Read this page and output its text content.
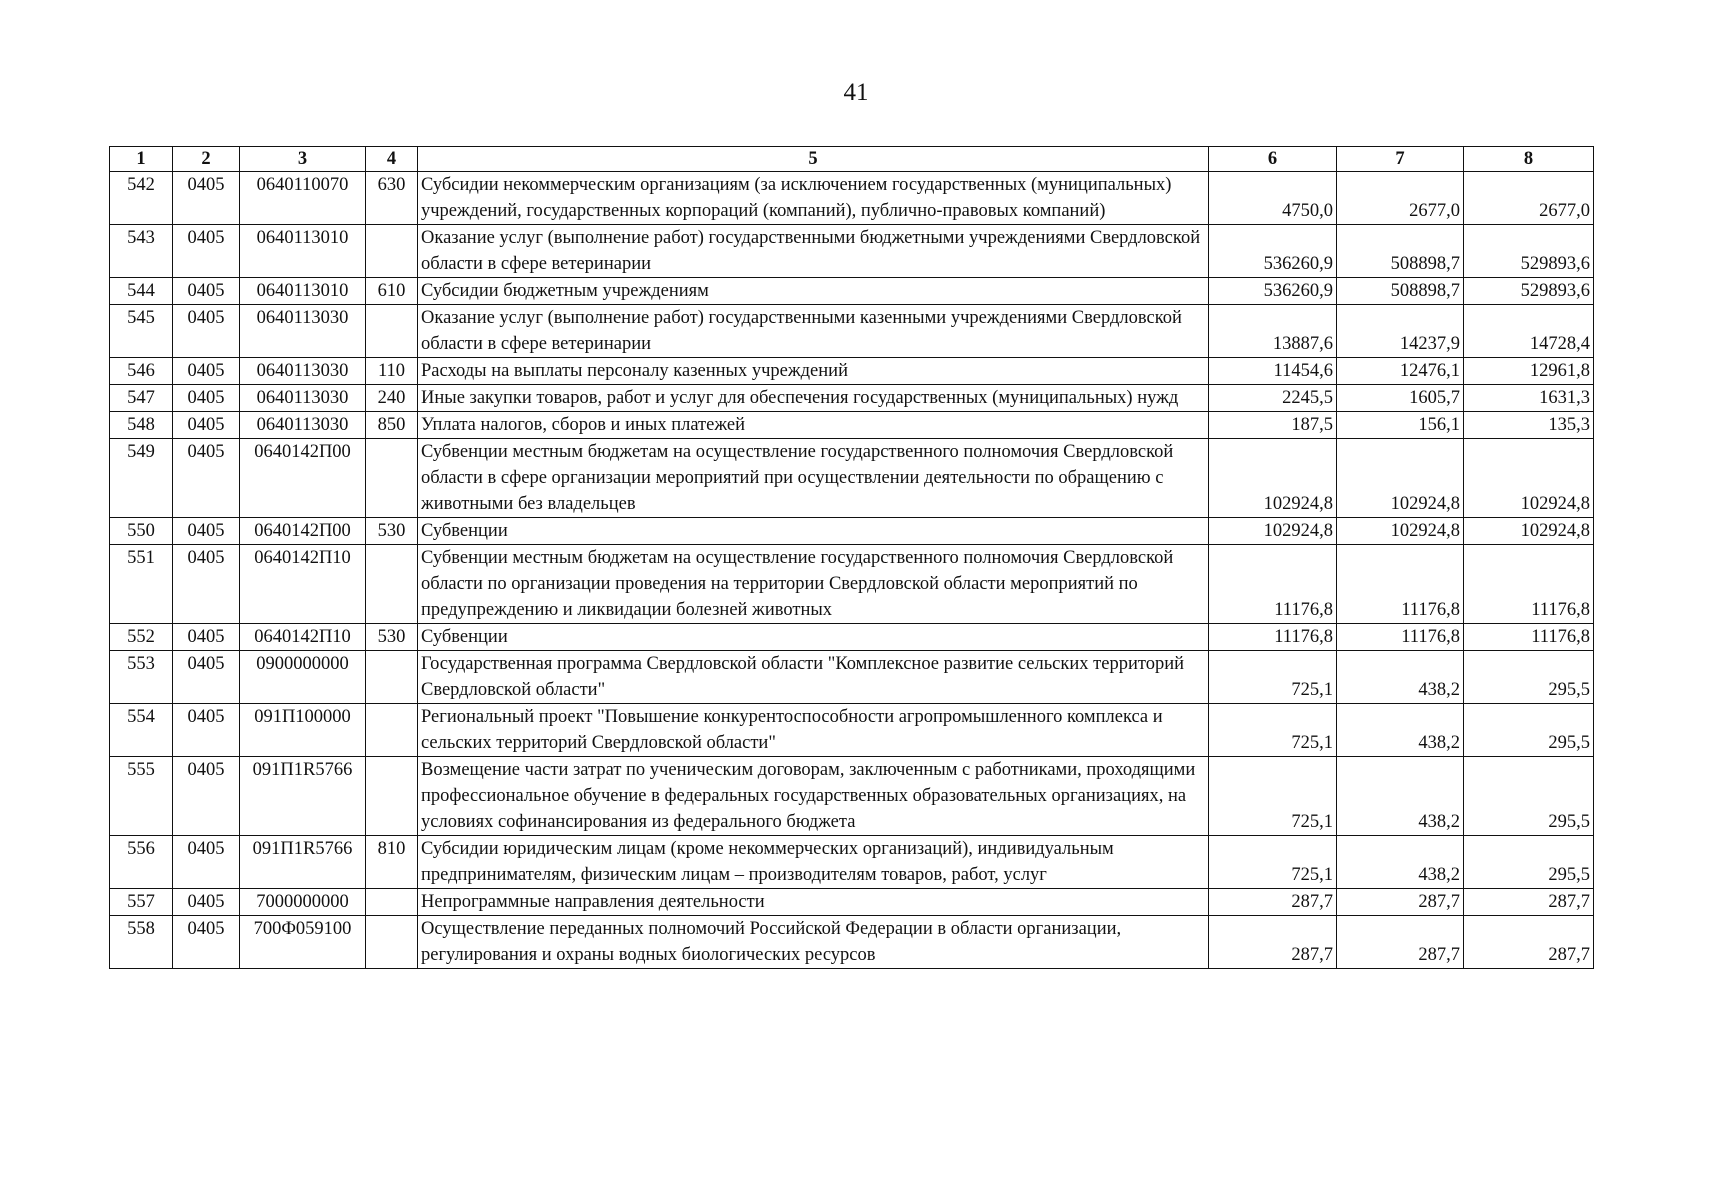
41
1	2	3	4	5	6	7	8
542	0405	0640110070	630	Субсидии некоммерческим организациям (за исключением государственных (муниципальных) учреждений, государственных корпораций (компаний), публично-правовых компаний)	4750,0	2677,0	2677,0
543	0405	0640113010		Оказание услуг (выполнение работ) государственными бюджетными учреждениями Свердловской области в сфере ветеринарии	536260,9	508898,7	529893,6
544	0405	0640113010	610	Субсидии бюджетным учреждениям	536260,9	508898,7	529893,6
545	0405	0640113030		Оказание услуг (выполнение работ) государственными казенными учреждениями Свердловской области в сфере ветеринарии	13887,6	14237,9	14728,4
546	0405	0640113030	110	Расходы на выплаты персоналу казенных учреждений	11454,6	12476,1	12961,8
547	0405	0640113030	240	Иные закупки товаров, работ и услуг для обеспечения государственных (муниципальных) нужд	2245,5	1605,7	1631,3
548	0405	0640113030	850	Уплата налогов, сборов и иных платежей	187,5	156,1	135,3
549	0405	0640142П00		Субвенции местным бюджетам на осуществление государственного полномочия Свердловской области в сфере организации мероприятий при осуществлении деятельности по обращению с животными без владельцев	102924,8	102924,8	102924,8
550	0405	0640142П00	530	Субвенции	102924,8	102924,8	102924,8
551	0405	0640142П10		Субвенции местным бюджетам на осуществление государственного полномочия Свердловской области по организации проведения на территории Свердловской области мероприятий по предупреждению и ликвидации болезней животных	11176,8	11176,8	11176,8
552	0405	0640142П10	530	Субвенции	11176,8	11176,8	11176,8
553	0405	0900000000		Государственная программа Свердловской области "Комплексное развитие сельских территорий Свердловской области"	725,1	438,2	295,5
554	0405	091П100000		Региональный проект "Повышение конкурентоспособности агропромышленного комплекса и сельских территорий Свердловской области"	725,1	438,2	295,5
555	0405	091П1R5766		Возмещение части затрат по ученическим договорам, заключенным с работниками, проходящими профессиональное обучение в федеральных государственных образовательных организациях, на условиях софинансирования из федерального бюджета	725,1	438,2	295,5
556	0405	091П1R5766	810	Субсидии юридическим лицам (кроме некоммерческих организаций), индивидуальным предпринимателям, физическим лицам – производителям товаров, работ, услуг	725,1	438,2	295,5
557	0405	7000000000		Непрограммные направления деятельности	287,7	287,7	287,7
558	0405	700Ф059100		Осуществление переданных полномочий Российской Федерации в области организации, регулирования и охраны водных биологических ресурсов	287,7	287,7	287,7
